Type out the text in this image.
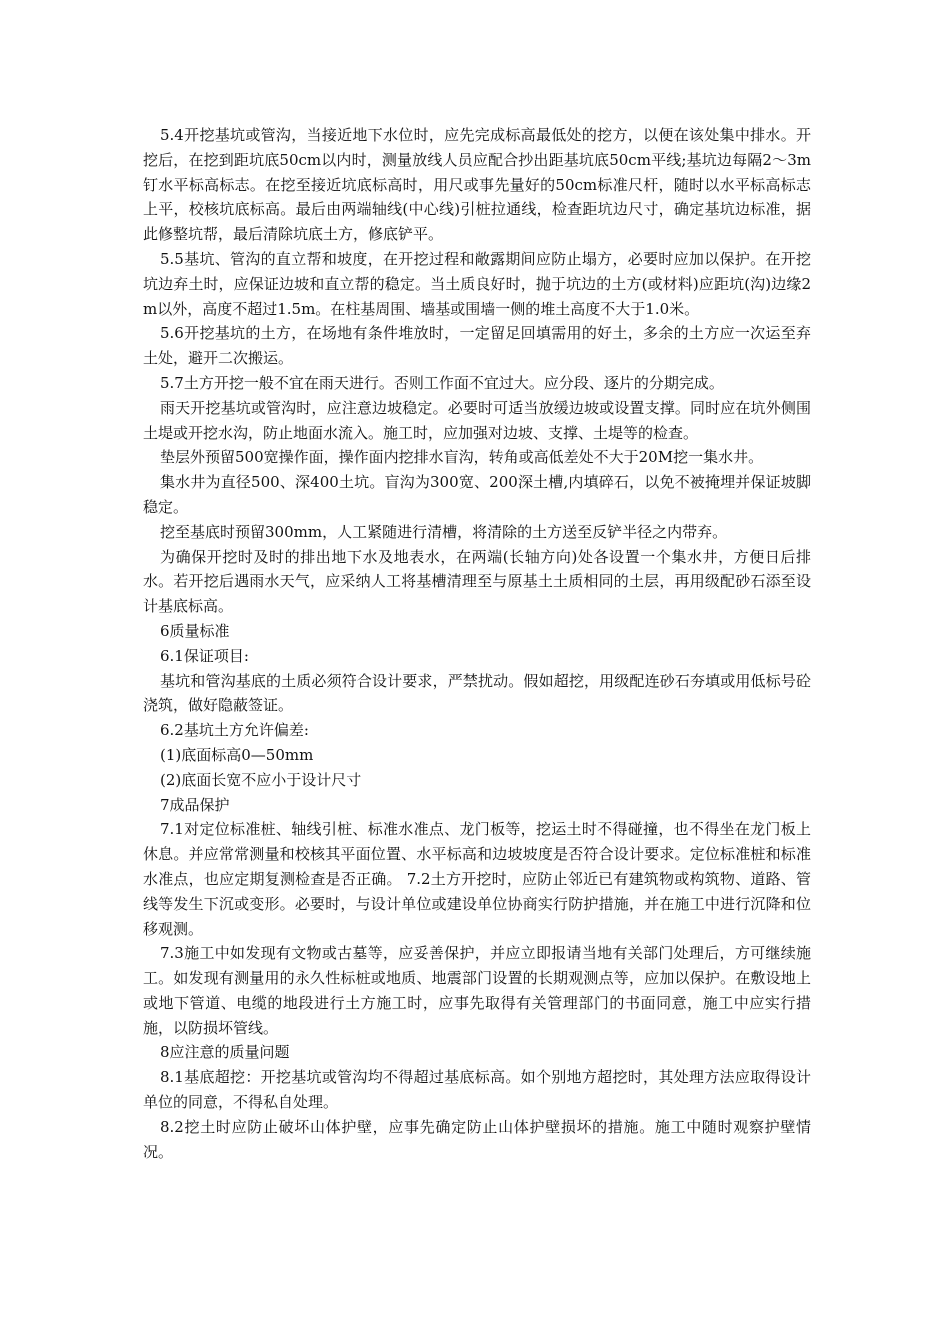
5.4开挖基坑或管沟，当接近地下水位时，应先完成标高最低处的挖方，以便在该处集中排水。开挖后，在挖到距坑底50cm以内时，测量放线人员应配合抄出距基坑底50cm平线;基坑边每隔2～3m钉水平标高标志。在挖至接近坑底标高时，用尺或事先量好的50cm标准尺杆，随时以水平标高标志上平，校核坑底标高。最后由两端轴线(中心线)引桩拉通线，检查距坑边尺寸，确定基坑边标准，据此修整坑帮，最后清除坑底土方，修底铲平。

5.5基坑、管沟的直立帮和坡度，在开挖过程和敞露期间应防止塌方，必要时应加以保护。在开挖坑边弃土时，应保证边坡和直立帮的稳定。当土质良好时，抛于坑边的土方(或材料)应距坑(沟)边缘2m以外，高度不超过1.5m。在柱基周围、墙基或围墙一侧的堆土高度不大于1.0米。

5.6开挖基坑的土方，在场地有条件堆放时，一定留足回填需用的好土，多余的土方应一次运至弃土处，避开二次搬运。

5.7土方开挖一般不宜在雨天进行。否则工作面不宜过大。应分段、逐片的分期完成。

雨天开挖基坑或管沟时，应注意边坡稳定。必要时可适当放缓边坡或设置支撑。同时应在坑外侧围土堤或开挖水沟，防止地面水流入。施工时，应加强对边坡、支撑、土堤等的检查。

垫层外预留500宽操作面，操作面内挖排水盲沟，转角或高低差处不大于20M挖一集水井。

集水井为直径500、深400土坑。盲沟为300宽、200深土槽,内填碎石，以免不被掩埋并保证坡脚稳定。

挖至基底时预留300mm，人工紧随进行清槽，将清除的土方送至反铲半径之内带弃。

为确保开挖时及时的排出地下水及地表水，在两端(长轴方向)处各设置一个集水井，方便日后排水。若开挖后遇雨水天气，应采纳人工将基槽清理至与原基土土质相同的土层，再用级配砂石添至设计基底标高。

6质量标准

6.1保证项目:

基坑和管沟基底的土质必须符合设计要求，严禁扰动。假如超挖，用级配连砂石夯填或用低标号砼浇筑，做好隐蔽签证。

6.2基坑土方允许偏差:

(1)底面标高0—50mm

(2)底面长宽不应小于设计尺寸

7成品保护

7.1对定位标准桩、轴线引桩、标准水准点、龙门板等，挖运土时不得碰撞，也不得坐在龙门板上休息。并应常常测量和校核其平面位置、水平标高和边坡坡度是否符合设计要求。定位标准桩和标准水准点，也应定期复测检查是否正确。 7.2土方开挖时，应防止邻近已有建筑物或构筑物、道路、管线等发生下沉或变形。必要时，与设计单位或建设单位协商实行防护措施，并在施工中进行沉降和位移观测。

7.3施工中如发现有文物或古墓等，应妥善保护，并应立即报请当地有关部门处理后，方可继续施工。如发现有测量用的永久性标桩或地质、地震部门设置的长期观测点等，应加以保护。在敷设地上或地下管道、电缆的地段进行土方施工时，应事先取得有关管理部门的书面同意，施工中应实行措施，以防损坏管线。

8应注意的质量问题

8.1基底超挖：开挖基坑或管沟均不得超过基底标高。如个别地方超挖时，其处理方法应取得设计单位的同意，不得私自处理。

8.2挖土时应防止破坏山体护壁，应事先确定防止山体护壁损坏的措施。施工中随时观察护壁情况。
